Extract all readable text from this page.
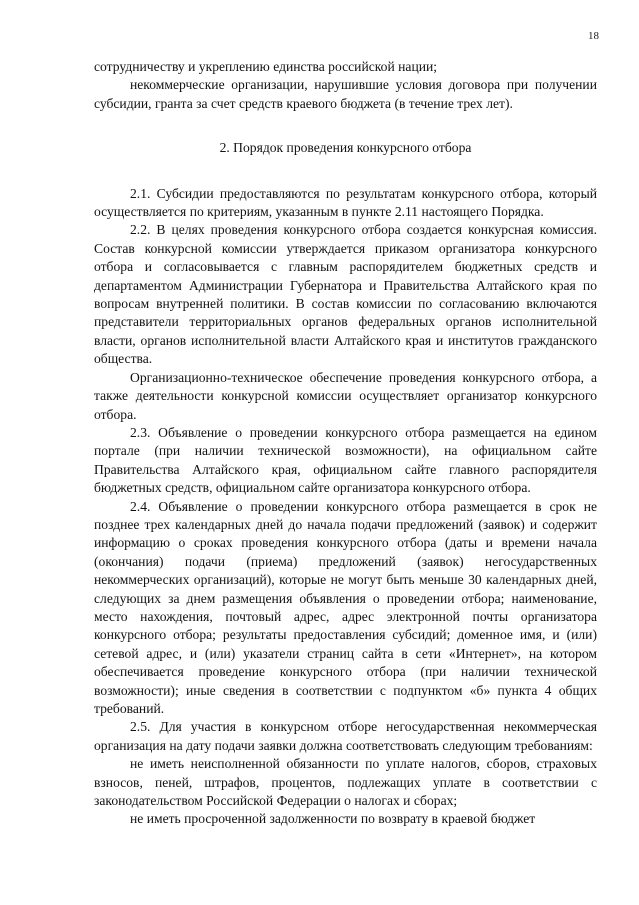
18

сотрудничеству и укреплению единства российской нации;

некоммерческие организации, нарушившие условия договора при получении субсидии, гранта за счет средств краевого бюджета (в течение трех лет).

2. Порядок проведения конкурсного отбора

2.1. Субсидии предоставляются по результатам конкурсного отбора, который осуществляется по критериям, указанным в пункте 2.11 настоящего Порядка.

2.2. В целях проведения конкурсного отбора создается конкурсная комиссия. Состав конкурсной комиссии утверждается приказом организатора конкурсного отбора и согласовывается с главным распорядителем бюджетных средств и департаментом Администрации Губернатора и Правительства Алтайского края по вопросам внутренней политики. В состав комиссии по согласованию включаются представители территориальных органов федеральных органов исполнительной власти, органов исполнительной власти Алтайского края и институтов гражданского общества.

Организационно-техническое обеспечение проведения конкурсного отбора, а также деятельности конкурсной комиссии осуществляет организатор конкурсного отбора.

2.3. Объявление о проведении конкурсного отбора размещается на едином портале (при наличии технической возможности), на официальном сайте Правительства Алтайского края, официальном сайте главного распорядителя бюджетных средств, официальном сайте организатора конкурсного отбора.

2.4. Объявление о проведении конкурсного отбора размещается в срок не позднее трех календарных дней до начала подачи предложений (заявок) и содержит информацию о сроках проведения конкурсного отбора (даты и времени начала (окончания) подачи (приема) предложений (заявок) негосударственных некоммерческих организаций), которые не могут быть меньше 30 календарных дней, следующих за днем размещения объявления о проведении отбора; наименование, место нахождения, почтовый адрес, адрес электронной почты организатора конкурсного отбора; результаты предоставления субсидий; доменное имя, и (или) сетевой адрес, и (или) указатели страниц сайта в сети «Интернет», на котором обеспечивается проведение конкурсного отбора (при наличии технической возможности); иные сведения в соответствии с подпунктом «б» пункта 4 общих требований.

2.5. Для участия в конкурсном отборе негосударственная некоммерческая организация на дату подачи заявки должна соответствовать следующим требованиям:

не иметь неисполненной обязанности по уплате налогов, сборов, страховых взносов, пеней, штрафов, процентов, подлежащих уплате в соответствии с законодательством Российской Федерации о налогах и сборах;

не иметь просроченной задолженности по возврату в краевой бюджет
